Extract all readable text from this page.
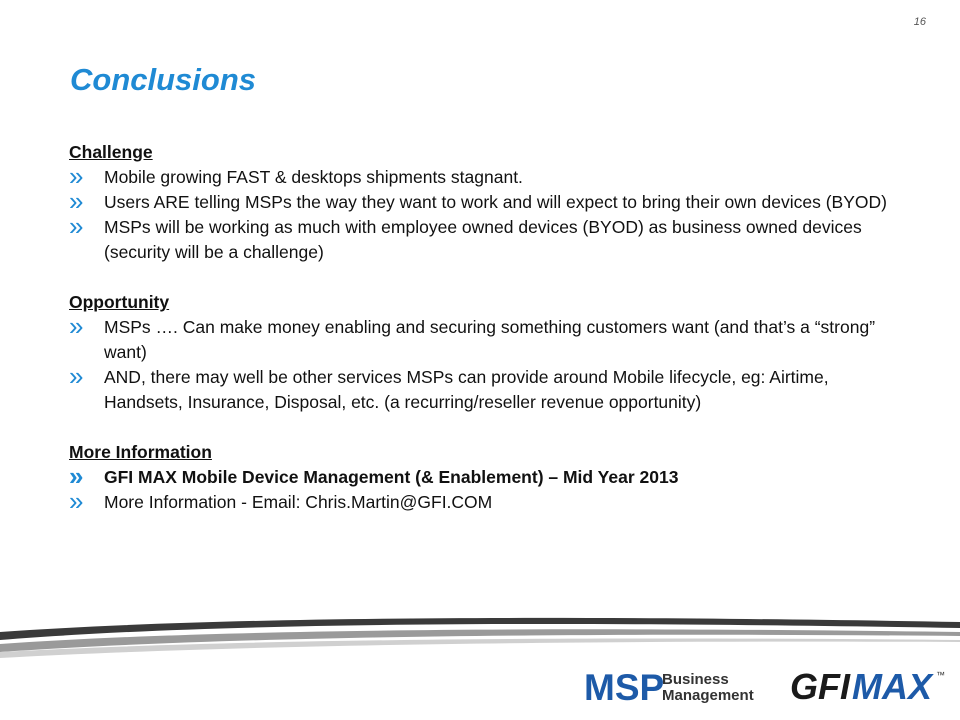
16
Conclusions
Challenge
» Mobile growing FAST & desktops shipments stagnant.
» Users ARE telling MSPs the way they want to work and will expect to bring their own devices (BYOD)
» MSPs will be working as much with employee owned devices (BYOD) as business owned devices (security will be a challenge)
Opportunity
» MSPs …. Can make money enabling and securing something customers want (and that’s a “strong” want)
» AND, there may well be other services MSPs can provide around Mobile lifecycle, eg: Airtime, Handsets, Insurance, Disposal, etc. (a recurring/reseller revenue opportunity)
More Information
» GFI MAX Mobile Device Management (& Enablement) – Mid Year 2013
» More Information - Email: Chris.Martin@GFI.COM
MSP
Business
Management GFI MAX ™
